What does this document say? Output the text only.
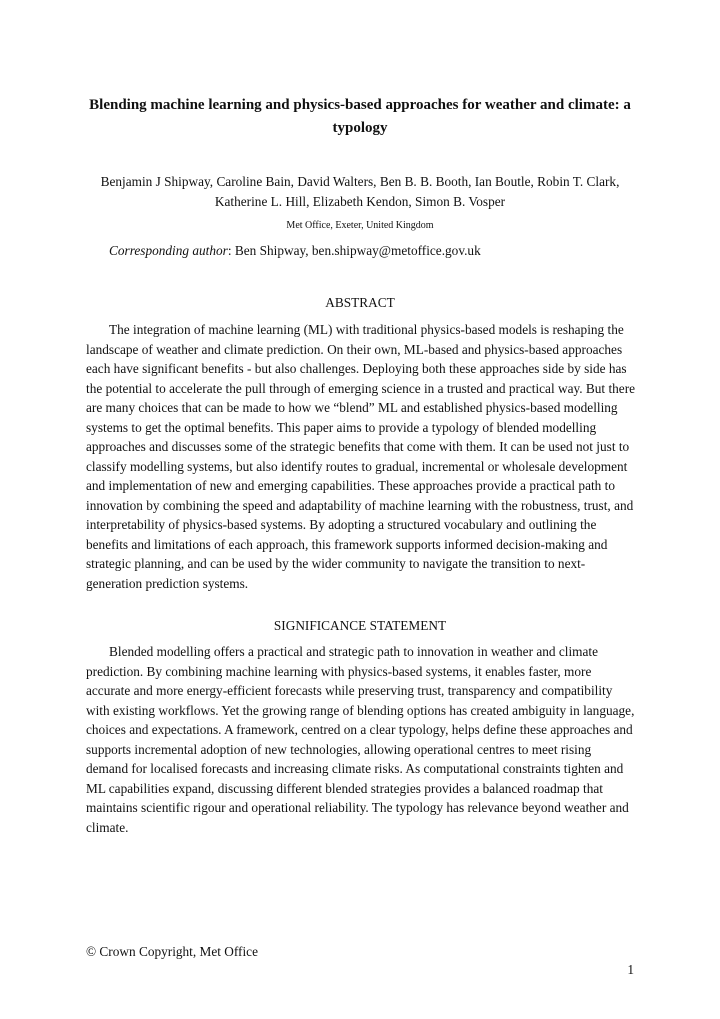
Blending machine learning and physics-based approaches for weather and climate: a typology
Benjamin J Shipway, Caroline Bain, David Walters, Ben B. B. Booth, Ian Boutle, Robin T. Clark, Katherine L. Hill, Elizabeth Kendon, Simon B. Vosper
Met Office, Exeter, United Kingdom
Corresponding author: Ben Shipway, ben.shipway@metoffice.gov.uk
ABSTRACT

The integration of machine learning (ML) with traditional physics-based models is reshaping the landscape of weather and climate prediction. On their own, ML-based and physics-based approaches each have significant benefits - but also challenges. Deploying both these approaches side by side has the potential to accelerate the pull through of emerging science in a trusted and practical way. But there are many choices that can be made to how we “blend” ML and established physics-based modelling systems to get the optimal benefits. This paper aims to provide a typology of blended modelling approaches and discusses some of the strategic benefits that come with them. It can be used not just to classify modelling systems, but also identify routes to gradual, incremental or wholesale development and implementation of new and emerging capabilities. These approaches provide a practical path to innovation by combining the speed and adaptability of machine learning with the robustness, trust, and interpretability of physics-based systems. By adopting a structured vocabulary and outlining the benefits and limitations of each approach, this framework supports informed decision-making and strategic planning, and can be used by the wider community to navigate the transition to next-generation prediction systems.

SIGNIFICANCE STATEMENT

Blended modelling offers a practical and strategic path to innovation in weather and climate prediction. By combining machine learning with physics-based systems, it enables faster, more accurate and more energy-efficient forecasts while preserving trust, transparency and compatibility with existing workflows. Yet the growing range of blending options has created ambiguity in language, choices and expectations. A framework, centred on a clear typology, helps define these approaches and supports incremental adoption of new technologies, allowing operational centres to meet rising demand for localised forecasts and increasing climate risks. As computational constraints tighten and ML capabilities expand, discussing different blended strategies provides a balanced roadmap that maintains scientific rigour and operational reliability. The typology has relevance beyond weather and climate.

© Crown Copyright, Met Office
1
